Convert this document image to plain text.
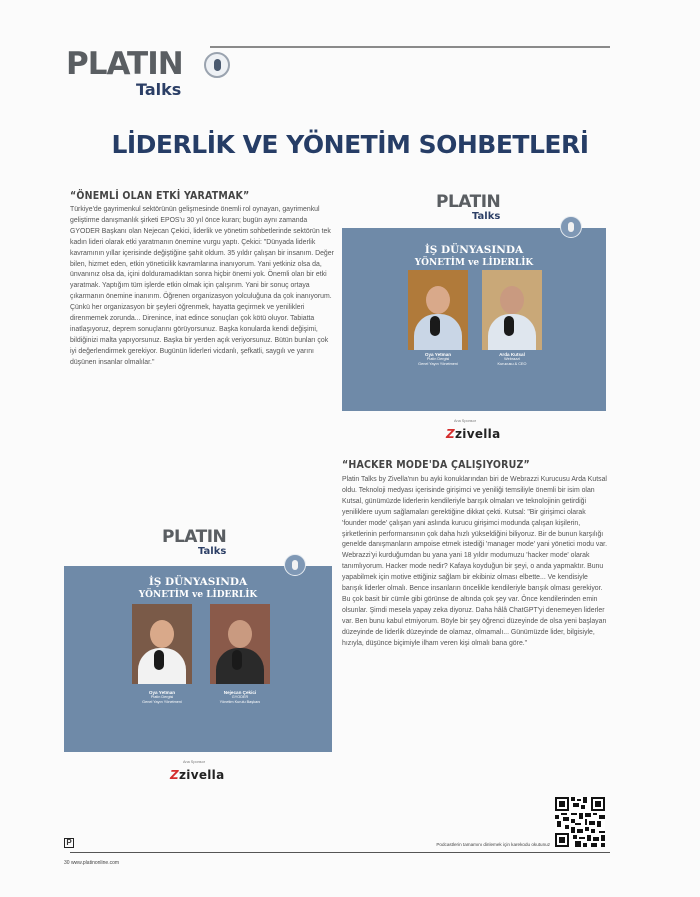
PLATIN
Talks
LİDERLİK VE YÖNETİM SOHBETLERİ
“ÖNEMLİ OLAN ETKİ YARATMAK”

Türkiye'de gayrimenkul sektörünün gelişmesinde önemli rol oynayan, gayrimenkul geliştirme danışmanlık şirketi EPOS'u 30 yıl önce kuran; bugün aynı zamanda GYODER Başkanı olan Nejecan Çekici, liderlik ve yönetim sohbetlerinde sektörün tek kadın lideri olarak etki yaratmanın önemine vurgu yaptı. Çekici: "Dünyada liderlik kavramının yıllar içerisinde değiştiğine şahit oldum. 35 yıldır çalışan bir insanım. Değer bilen, hizmet eden, etkin yöneticilik kavramlarına inanıyorum. Yani yetkiniz olsa da, ünvanınız olsa da, içini dolduramadıktan sonra hiçbir önemi yok. Önemli olan bir etki yaratmak. Yaptığım tüm işlerde etkin olmak için çalışırım. Yani bir sonuç ortaya çıkarmanın önemine inanırım. Öğrenen organizasyon yolculuğuna da çok inanıyorum. Çünkü her organizasyon bir şeyleri öğrenmek, hayatta geçirmek ve yenilikleri direnmemek zorunda... Direnince, inat edince sonuçları çok kötü oluyor. Tabiatta inatlaşıyoruz, deprem sonuçlarını görüyorsunuz. Başka konularda kendi değişimi, bildiğinizi malta yapıyorsunuz. Başka bir yerden açık veriyorsunuz. Bütün bunları çok iyi değerlendirmek gerekiyor. Bugünün liderleri vicdanlı, şefkatli, saygılı ve yarını düşünen insanlar olmalılar."

PLATIN
Talks
İŞ DÜNYASINDA
YÖNETİM ve LİDERLİK
Oya Yetman
Platin Dergisi
Genel Yayın Yönetmeni
Arda Kutsal
Webrazzi
Kurucusu & CEO
Ana Sponsor
Zzivella
“HACKER MODE'DA ÇALIŞIYORUZ”

Platin Talks by Zivella'nın bu ayki konuklarından biri de Webrazzi Kurucusu Arda Kutsal oldu. Teknoloji medyası içerisinde girişimci ve yeniliği temsiliyle önemli bir isim olan Kutsal, günümüzde liderlerin kendileriyle barışık olmaları ve teknolojinin getirdiği yeniliklere uyum sağlamaları gerektiğine dikkat çekti. Kutsal: "Bir girişimci olarak 'founder mode' çalışan yani aslında kurucu girişimci modunda çalışan kişilerin, şirketlerinin performansının çok daha hızlı yükseldiğini biliyoruz. Bir de bunun karşılığı genelde danışmanların ampoise etmek istediği 'manager mode' yani yönetici modu var. Webrazzi'yi kurduğumdan bu yana yani 18 yıldır modumuzu 'hacker mode' olarak tanımlıyorum. Hacker mode nedir? Kafaya koyduğun bir şeyi, o anda yapmaktır. Bunu yapabilmek için motive ettiğiniz sağlam bir ekibiniz olması elbette... Ve kendisiyle barışık liderler olmalı. Bence insanların öncelikle kendileriyle barışık olması gerekiyor. Bu çok basit bir cümle gibi görünse de altında çok şey var. Önce kendilerinden emin olsunlar. Şimdi mesela yapay zeka diyoruz. Daha hâlâ ChatGPT'yi denemeyen liderler var. Ben bunu kabul etmiyorum. Böyle bir şey öğrenci düzeyinde de olsa yeni başlayan düzeyinde de liderlik düzeyinde de olamaz, olmamalı... Günümüzde lider, bilgisiyle, hızıyla, düşünce biçimiyle ilham veren kişi olmalı bana göre."

PLATIN
Talks
İŞ DÜNYASINDA
YÖNETİM ve LİDERLİK
Oya Yetman
Platin Dergisi
Genel Yayın Yönetmeni
Nejecan Çekici
GYODER
Yönetim Kurulu Başkanı
Ana Sponsor
Zzivella
Podcastlerin tamamını dinlemek için karekodu okutunuz
P
30 www.platinonline.com
